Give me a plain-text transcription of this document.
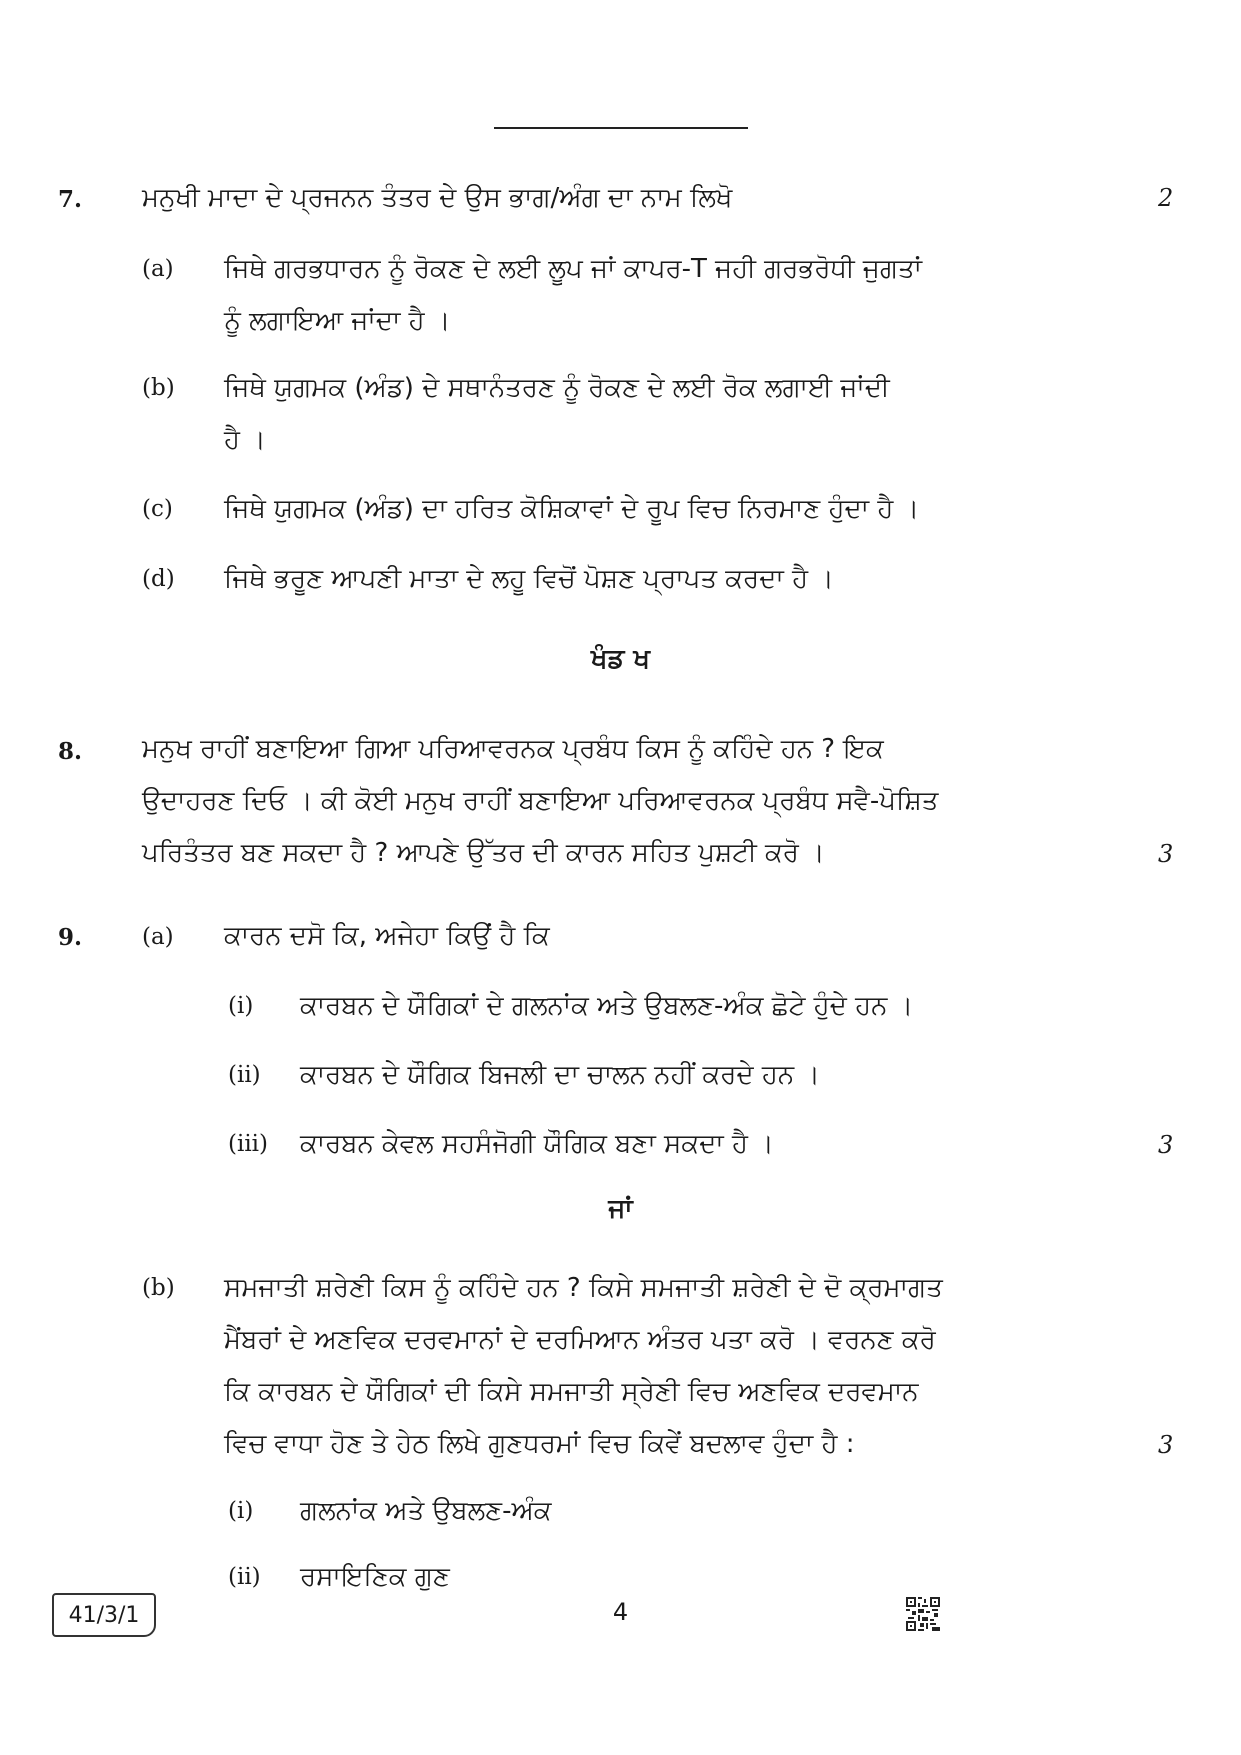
7. ਮਨੁਖੀ ਮਾਦਾ ਦੇ ਪ੍ਰਜਨਨ ਤੰਤਰ ਦੇ ਉਸ ਭਾਗ/ਅੰਗ ਦਾ ਨਾਮ ਲਿਖੋ	2
(a) ਜਿਥੇ ਗਰਭਧਾਰਨ ਨੂੰ ਰੋਕਣ ਦੇ ਲਈ ਲੂਪ ਜਾਂ ਕਾਪਰ-T ਜਹੀ ਗਰਭਰੋਧੀ ਜੁਗਤਾਂ
ਨੂੰ ਲਗਾਇਆ ਜਾਂਦਾ ਹੈ ।
(b) ਜਿਥੇ ਯੁਗਮਕ (ਅੰਡ) ਦੇ ਸਥਾਨੰਤਰਣ ਨੂੰ ਰੋਕਣ ਦੇ ਲਈ ਰੋਕ ਲਗਾਈ ਜਾਂਦੀ
ਹੈ ।
(c) ਜਿਥੇ ਯੁਗਮਕ (ਅੰਡ) ਦਾ ਹਰਿਤ ਕੋਸ਼ਿਕਾਵਾਂ ਦੇ ਰੂਪ ਵਿਚ ਨਿਰਮਾਣ ਹੁੰਦਾ ਹੈ ।
(d) ਜਿਥੇ ਭਰੂਣ ਆਪਣੀ ਮਾਤਾ ਦੇ ਲਹੂ ਵਿਚੋਂ ਪੋਸ਼ਣ ਪ੍ਰਾਪਤ ਕਰਦਾ ਹੈ ।
ਖੰਡ ਖ
8. ਮਨੁਖ ਰਾਹੀਂ ਬਣਾਇਆ ਗਿਆ ਪਰਿਆਵਰਨਕ ਪ੍ਰਬੰਧ ਕਿਸ ਨੂੰ ਕਹਿੰਦੇ ਹਨ ? ਇਕ
ਉਦਾਹਰਣ ਦਿਓ । ਕੀ ਕੋਈ ਮਨੁਖ ਰਾਹੀਂ ਬਣਾਇਆ ਪਰਿਆਵਰਨਕ ਪ੍ਰਬੰਧ ਸਵੈ-ਪੋਸ਼ਿਤ
ਪਰਿਤੰਤਰ ਬਣ ਸਕਦਾ ਹੈ ? ਆਪਣੇ ਉੱਤਰ ਦੀ ਕਾਰਨ ਸਹਿਤ ਪੁਸ਼ਟੀ ਕਰੋ ।	3
9.	(a) ਕਾਰਨ ਦਸੋ ਕਿ, ਅਜੇਹਾ ਕਿਉਂ ਹੈ ਕਿ
(i) ਕਾਰਬਨ ਦੇ ਯੌਗਿਕਾਂ ਦੇ ਗਲਨਾਂਕ ਅਤੇ ਉਬਲਣ-ਅੰਕ ਛੋਟੇ ਹੁੰਦੇ ਹਨ ।
(ii) ਕਾਰਬਨ ਦੇ ਯੌਗਿਕ ਬਿਜਲੀ ਦਾ ਚਾਲਨ ਨਹੀਂ ਕਰਦੇ ਹਨ ।
(iii) ਕਾਰਬਨ ਕੇਵਲ ਸਹਸੰਜੋਗੀ ਯੌਗਿਕ ਬਣਾ ਸਕਦਾ ਹੈ ।	3
ਜਾਂ
(b) ਸਮਜਾਤੀ ਸ਼ਰੇਣੀ ਕਿਸ ਨੂੰ ਕਹਿੰਦੇ ਹਨ ? ਕਿਸੇ ਸਮਜਾਤੀ ਸ਼ਰੇਣੀ ਦੇ ਦੋ ਕ੍ਰਮਾਗਤ
ਮੈਂਬਰਾਂ ਦੇ ਅਣਵਿਕ ਦਰਵਮਾਨਾਂ ਦੇ ਦਰਮਿਆਨ ਅੰਤਰ ਪਤਾ ਕਰੋ । ਵਰਨਣ ਕਰੋ
ਕਿ ਕਾਰਬਨ ਦੇ ਯੌਗਿਕਾਂ ਦੀ ਕਿਸੇ ਸਮਜਾਤੀ ਸ੍ਰੇਣੀ ਵਿਚ ਅਣਵਿਕ ਦਰਵਮਾਨ
ਵਿਚ ਵਾਧਾ ਹੋਣ ਤੇ ਹੇਠ ਲਿਖੇ ਗੁਣਧਰਮਾਂ ਵਿਚ ਕਿਵੇਂ ਬਦਲਾਵ ਹੁੰਦਾ ਹੈ :	3
(i) ਗਲਨਾਂਕ ਅਤੇ ਉਬਲਣ-ਅੰਕ
(ii) ਰਸਾਇਣਿਕ ਗੁਣ
41/3/1	4
